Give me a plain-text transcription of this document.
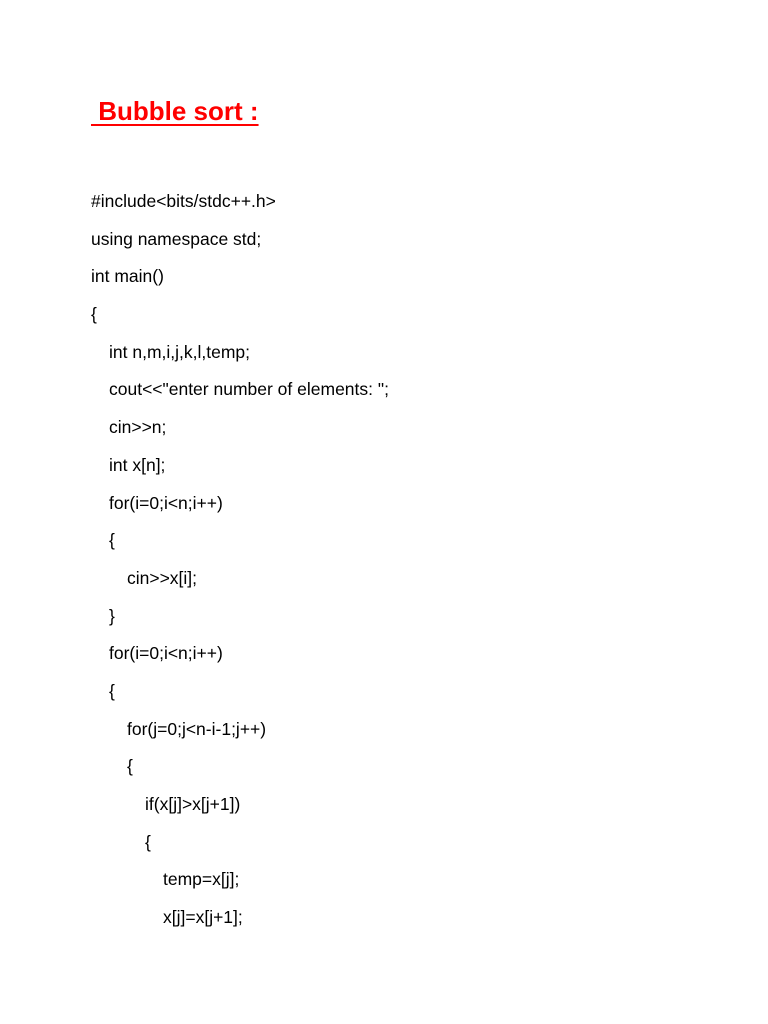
Bubble sort :
#include<bits/stdc++.h>
using namespace std;
int main()
{
int n,m,i,j,k,l,temp;
cout<<"enter number of elements: ";
cin>>n;
int x[n];
for(i=0;i<n;i++)
{
cin>>x[i];
}
for(i=0;i<n;i++)
{
for(j=0;j<n-i-1;j++)
{
if(x[j]>x[j+1])
{
temp=x[j];
x[j]=x[j+1];
